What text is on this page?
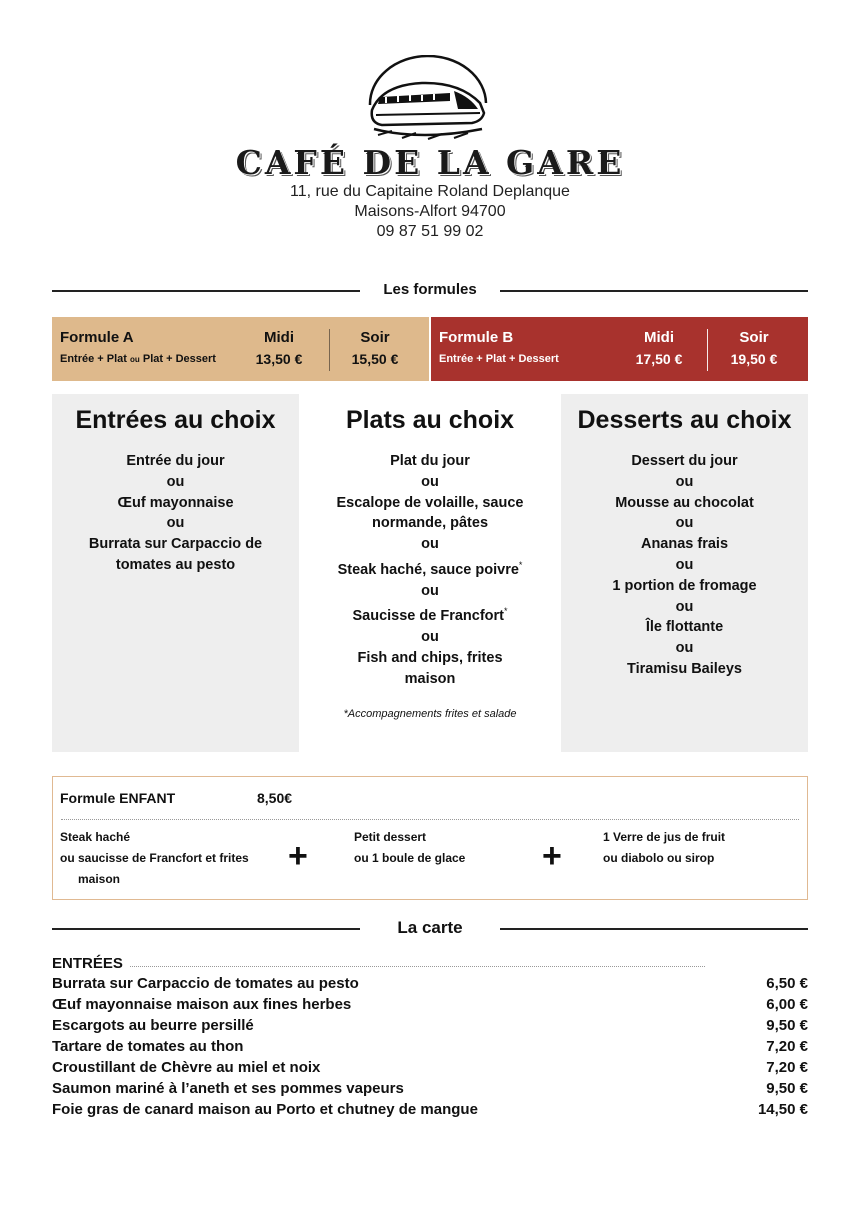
CAFÉ DE LA GARE
11, rue du Capitaine Roland Deplanque
Maisons-Alfort 94700
09 87 51 99 02
Les formules
Formule A
Entrée + Plat ou Plat + Dessert
Midi
13,50 €
Soir
15,50 €
Formule B
Entrée + Plat + Dessert
Midi
17,50 €
Soir
19,50 €
Entrées au choix
Entrée du jour
ou
Œuf mayonnaise
ou
Burrata sur Carpaccio de
tomates au pesto
Plats au choix
Plat du jour
ou
Escalope de volaille, sauce
normande, pâtes
ou
Steak haché, sauce poivre*
ou
Saucisse de Francfort*
ou
Fish and chips, frites
maison
*Accompagnements frites et salade
Desserts au choix
Dessert du jour
ou
Mousse au chocolat
ou
Ananas frais
ou
1 portion de fromage
ou
Île flottante
ou
Tiramisu Baileys
Formule ENFANT	8,50€
Steak haché
ou saucisse de Francfort et frites
maison
+	Petit dessert
ou 1 boule de glace +	1 Verre de jus de fruit
ou diabolo ou sirop
La carte
ENTRÉES
Burrata sur Carpaccio de tomates au pesto	6,50 €
Œuf mayonnaise maison aux fines herbes	6,00 €
Escargots au beurre persillé	9,50 €
Tartare de tomates au thon	7,20 €
Croustillant de Chèvre au miel et noix	7,20 €
Saumon mariné à l’aneth et ses pommes vapeurs	9,50 €
Foie gras de canard maison au Porto et chutney de mangue	14,50 €
